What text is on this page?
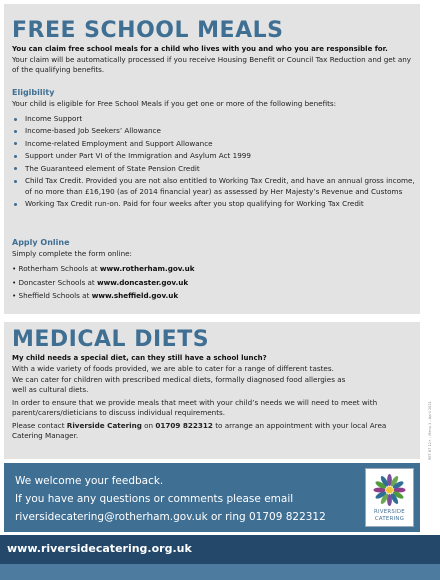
FREE SCHOOL MEALS
You can claim free school meals for a child who lives with you and who you are responsible for.
Your claim will be automatically processed if you receive Housing Benefit or Council Tax Reduction and get any of the qualifying benefits.
Eligibility
Your child is eligible for Free School Meals if you get one or more of the following benefits:
Income Support
Income-based Job Seekers’ Allowance
Income-related Employment and Support Allowance
Support under Part VI of the Immigration and Asylum Act 1999
The Guaranteed element of State Pension Credit
Child Tax Credit. Provided you are not also entitled to Working Tax Credit, and have an annual gross income, of no more than £16,190 (as of 2014 financial year) as assessed by Her Majesty’s Revenue and Customs
Working Tax Credit run-on. Paid for four weeks after you stop qualifying for Working Tax Credit
Apply Online
Simply complete the form online:
• Rotherham Schools at www.rotherham.gov.uk
• Doncaster Schools at www.doncaster.gov.uk
• Sheffield Schools at www.sheffield.gov.uk
MEDICAL DIETS
My child needs a special diet, can they still have a school lunch?
With a wide variety of foods provided, we are able to cater for a range of different tastes.
We can cater for children with prescribed medical diets, formally diagnosed food allergies as well as cultural diets.
In order to ensure that we provide meals that meet with your child’s needs we will need to meet with parent/carers/dieticians to discuss individual requirements.
Please contact Riverside Catering on 01709 822312 to arrange an appointment with your local Area Catering Manager.	RET 87 12+ - Menu 1 - April 2021
We welcome your feedback.
If you have any questions or comments please email
riversidecatering@rotherham.gov.uk or ring 01709 822312	RIVERSIDE
CATERING
www.riversidecatering.org.uk
